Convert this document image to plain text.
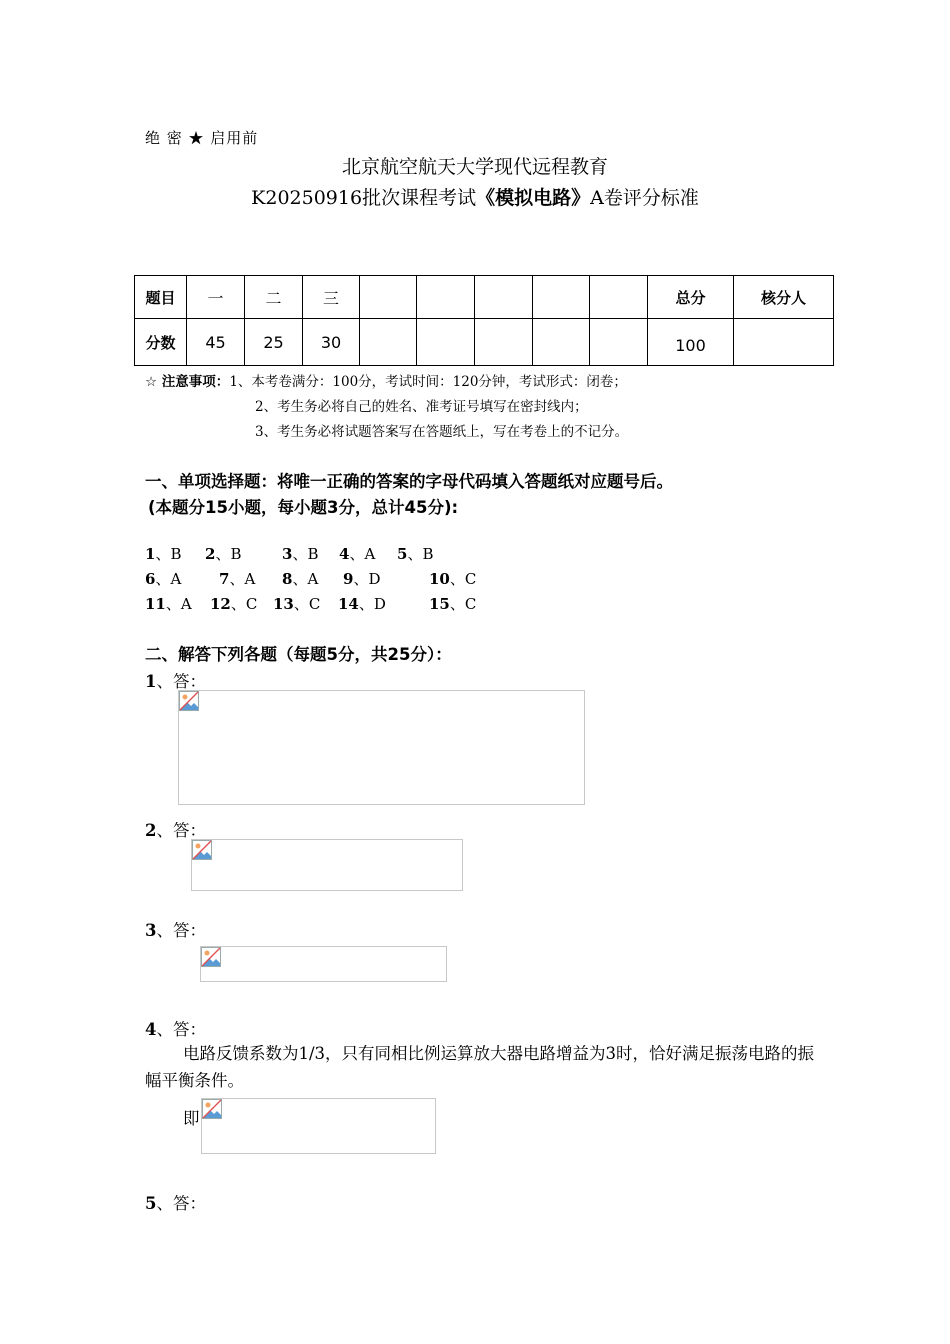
绝 密 ★ 启用前
北京航空航天大学现代远程教育
K20250916批次课程考试《模拟电路》A卷评分标准
题目	一	二	三						总分	核分人
分数	45	25	30						100	
☆ 注意事项：1、本考卷满分：100分，考试时间：120分钟，考试形式：闭卷；
2、考生务必将自己的姓名、准考证号填写在密封线内；
3、考生务必将试题答案写在答题纸上，写在考卷上的不记分。
一、单项选择题：将唯一正确的答案的字母代码填入答题纸对应题号后。
(本题分15小题，每小题3分，总计45分):
1、B 2、B	3、B 4、A 5、B
6、A	7、A 8、A 9、D	10、C
11、A 12、C 13、C 14、D	15、C
二、解答下列各题（每题5分，共25分）：
1、答：
2、答：
3、答：
4、答：
电路反馈系数为1/3，只有同相比例运算放大器电路增益为3时，恰好满足振荡电路的振幅平衡条件。
即
5、答：
